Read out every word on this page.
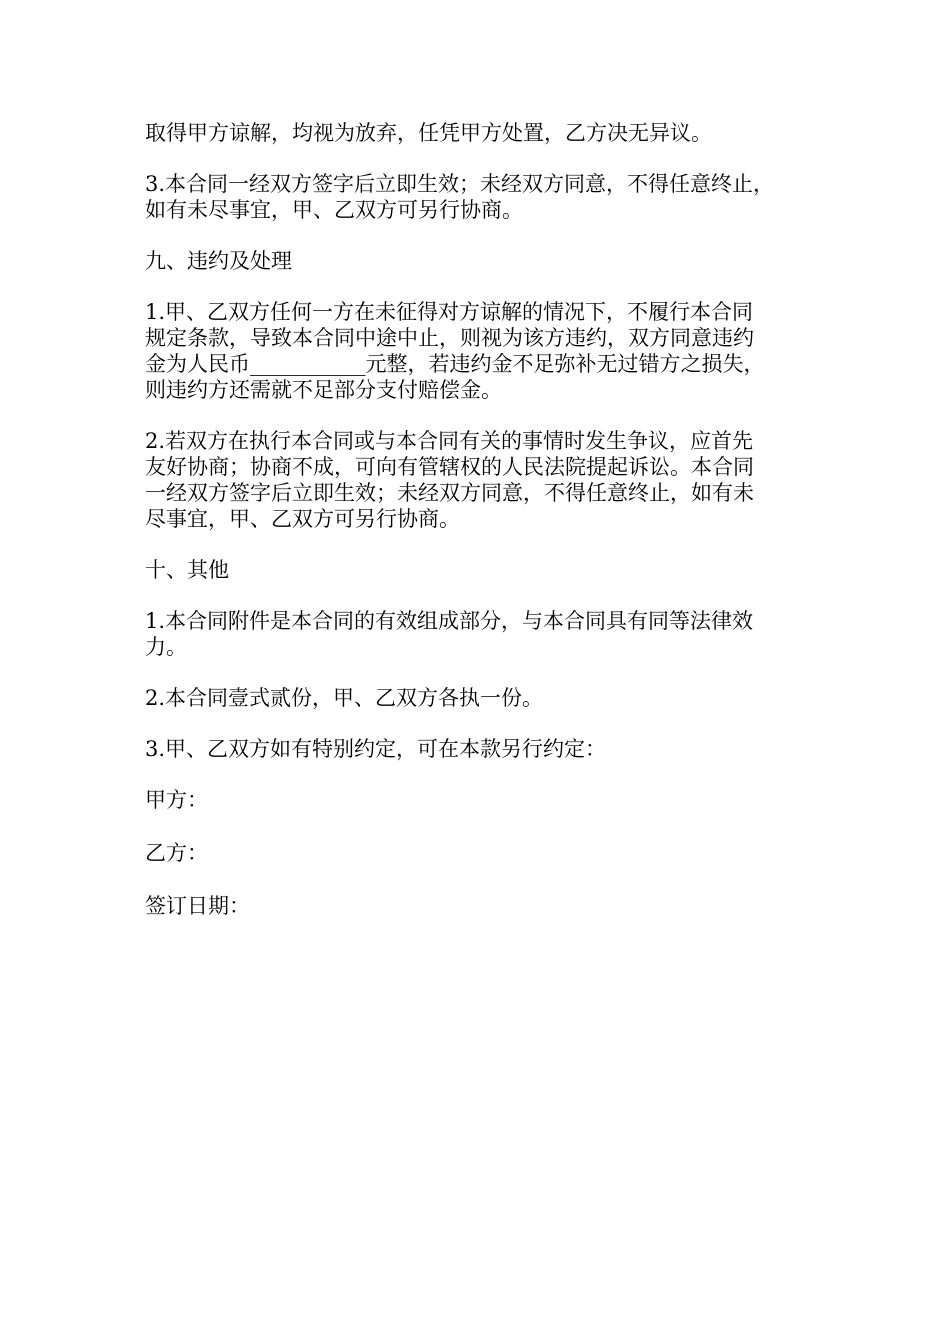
取得甲方谅解，均视为放弃，任凭甲方处置，乙方决无异议。

3.本合同一经双方签字后立即生效；未经双方同意，不得任意终止，
如有未尽事宜，甲、乙双方可另行协商。

九、违约及处理

1.甲、乙双方任何一方在未征得对方谅解的情况下，不履行本合同
规定条款，导致本合同中途中止，则视为该方违约，双方同意违约
金为人民币___________元整，若违约金不足弥补无过错方之损失，
则违约方还需就不足部分支付赔偿金。

2.若双方在执行本合同或与本合同有关的事情时发生争议，应首先
友好协商；协商不成，可向有管辖权的人民法院提起诉讼。本合同
一经双方签字后立即生效；未经双方同意，不得任意终止，如有未
尽事宜，甲、乙双方可另行协商。

十、其他

1.本合同附件是本合同的有效组成部分，与本合同具有同等法律效
力。

2.本合同壹式贰份，甲、乙双方各执一份。

3.甲、乙双方如有特别约定，可在本款另行约定：

甲方：

乙方：

签订日期：
